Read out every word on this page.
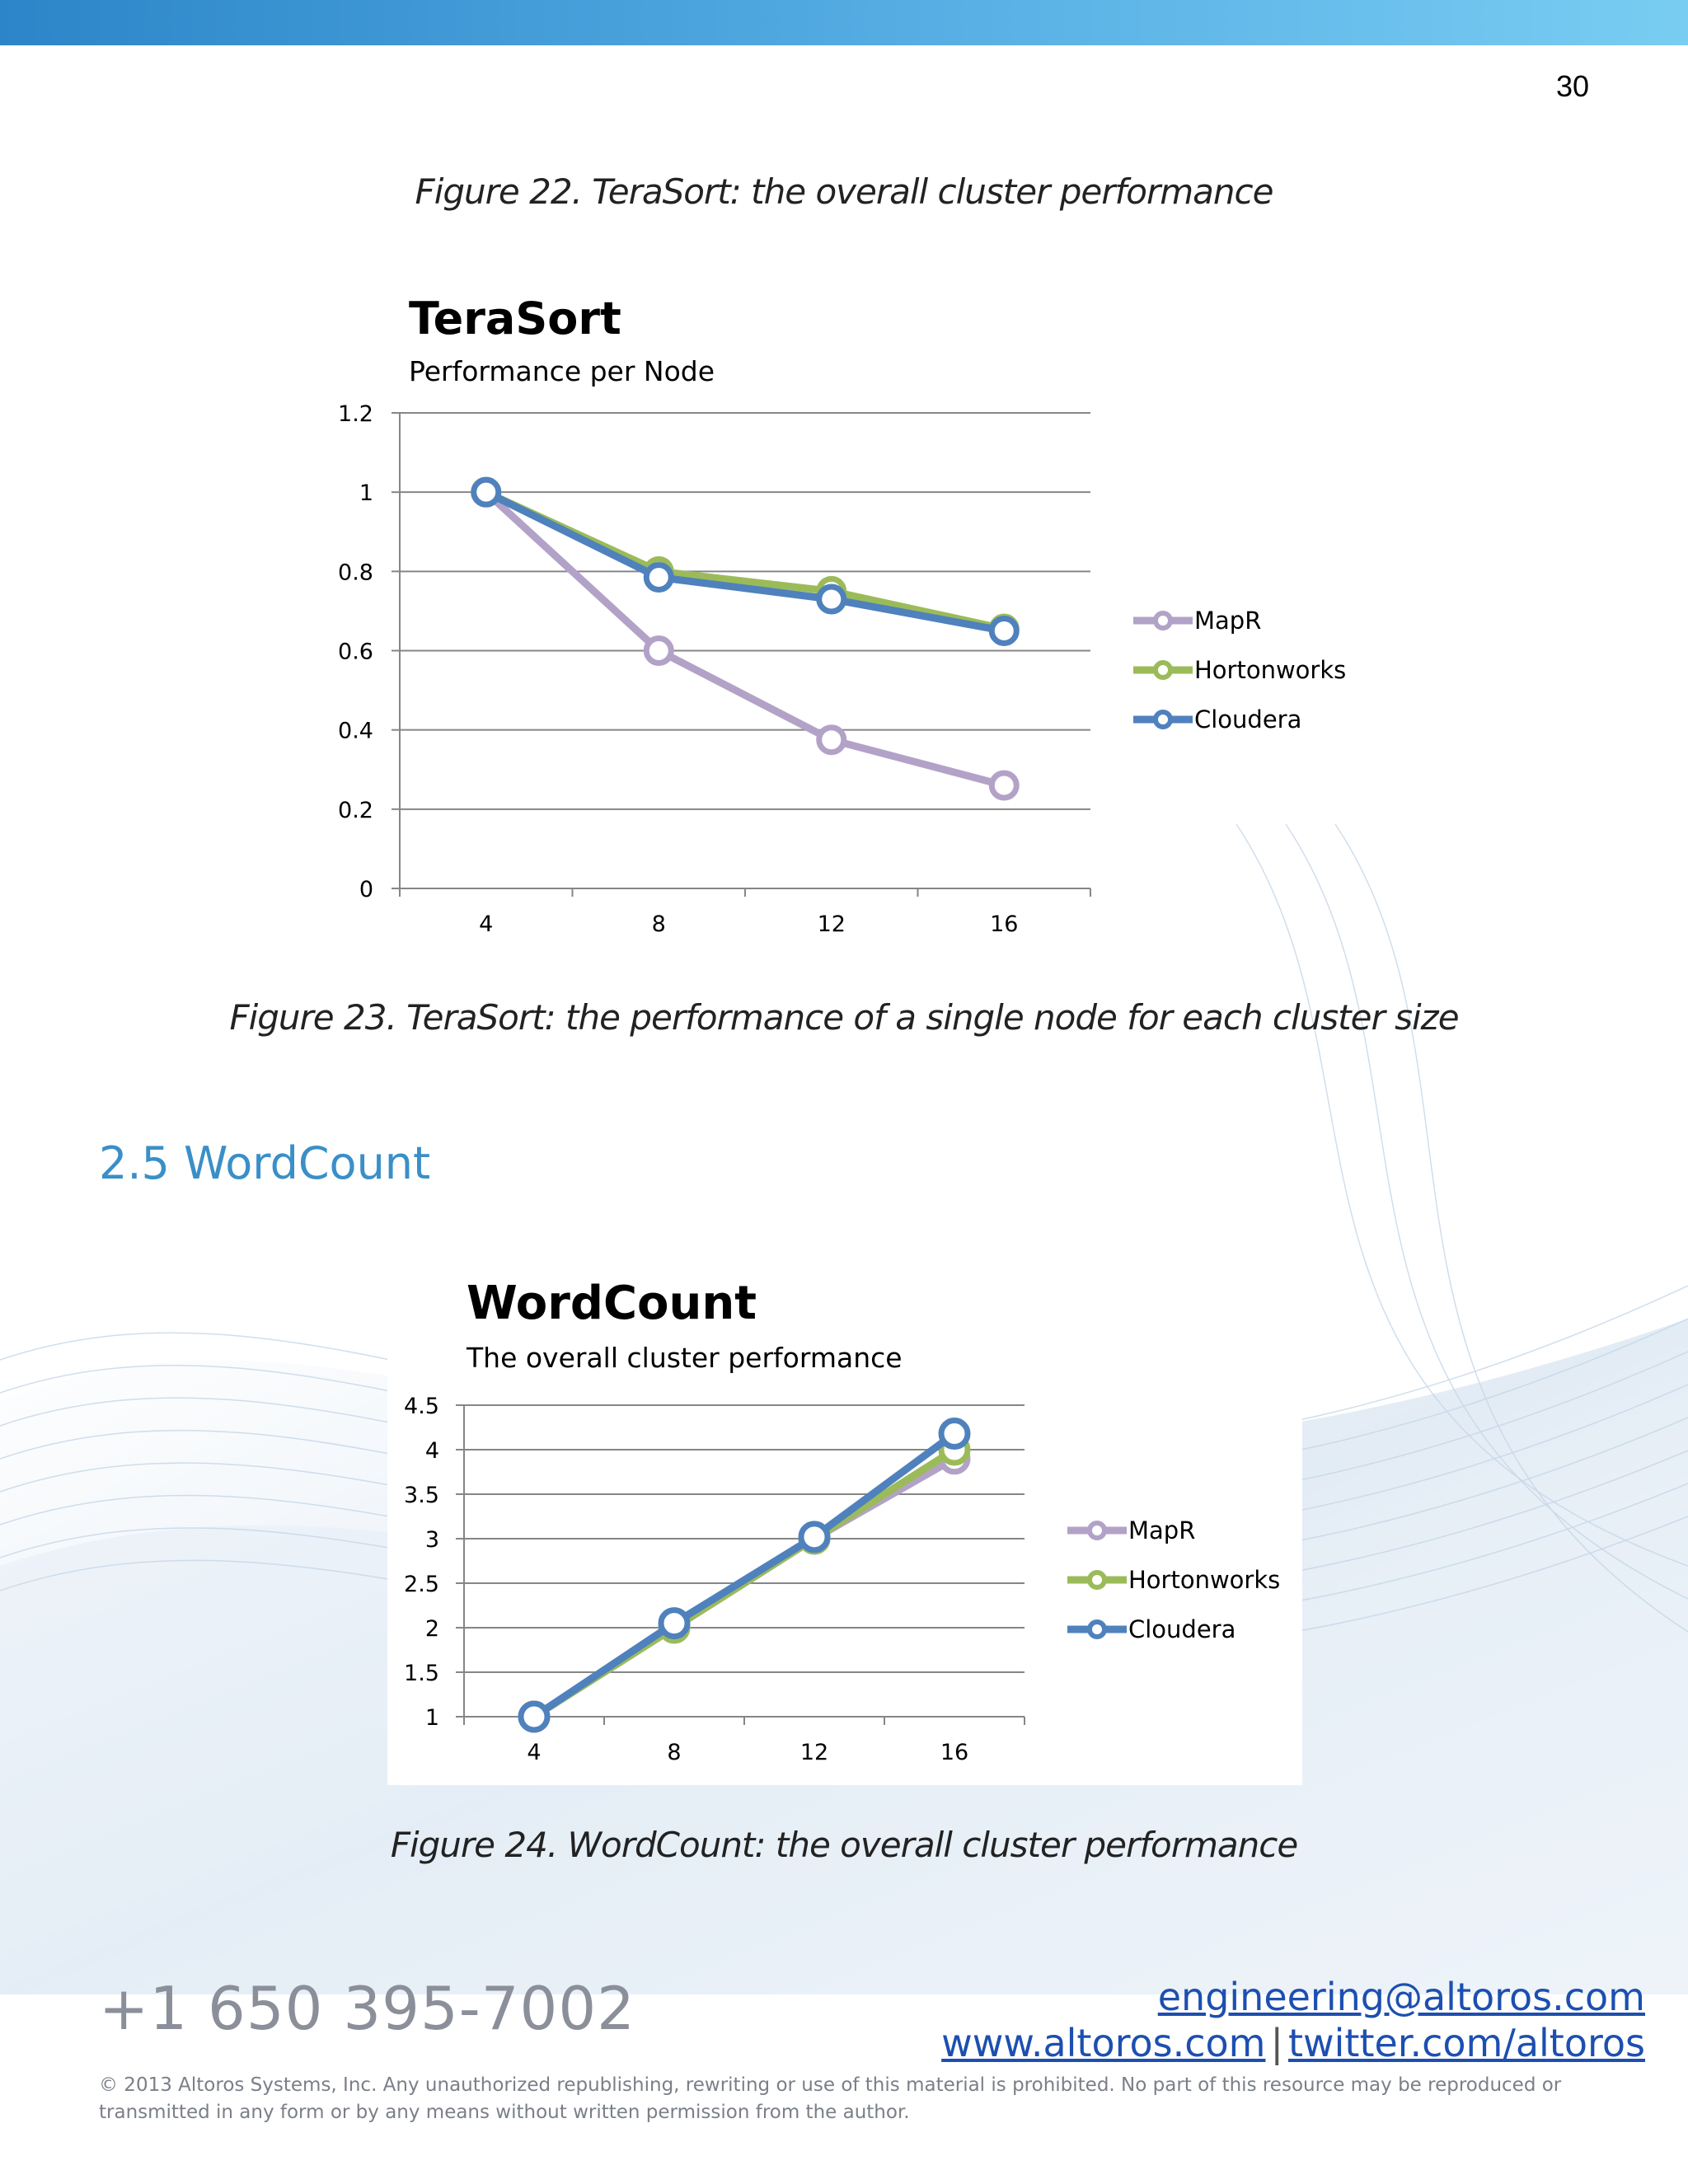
30
Figure 22. TeraSort: the overall cluster performance
TeraSort
Performance per Node
0
0.2
0.4
0.6
0.8
1
1.2
4	8	12	16
MapR
Hortonworks
Cloudera
Figure 23. TeraSort: the performance of a single node for each cluster size
2.5 WordCount
WordCount
The overall cluster performance
1
1.5
2
2.5
3
3.5
4
4.5
4	8	12	16
MapR
Hortonworks
Cloudera
Figure 24. WordCount: the overall cluster performance
+1 650 395-7002	engineering@altoros.com
www.altoros.com | twitter.com/altoros
© 2013 Altoros Systems, Inc. Any unauthorized republishing, rewriting or use of this material is prohibited. No part of this resource may be reproduced or transmitted in any form or by any means without written permission from the author.
